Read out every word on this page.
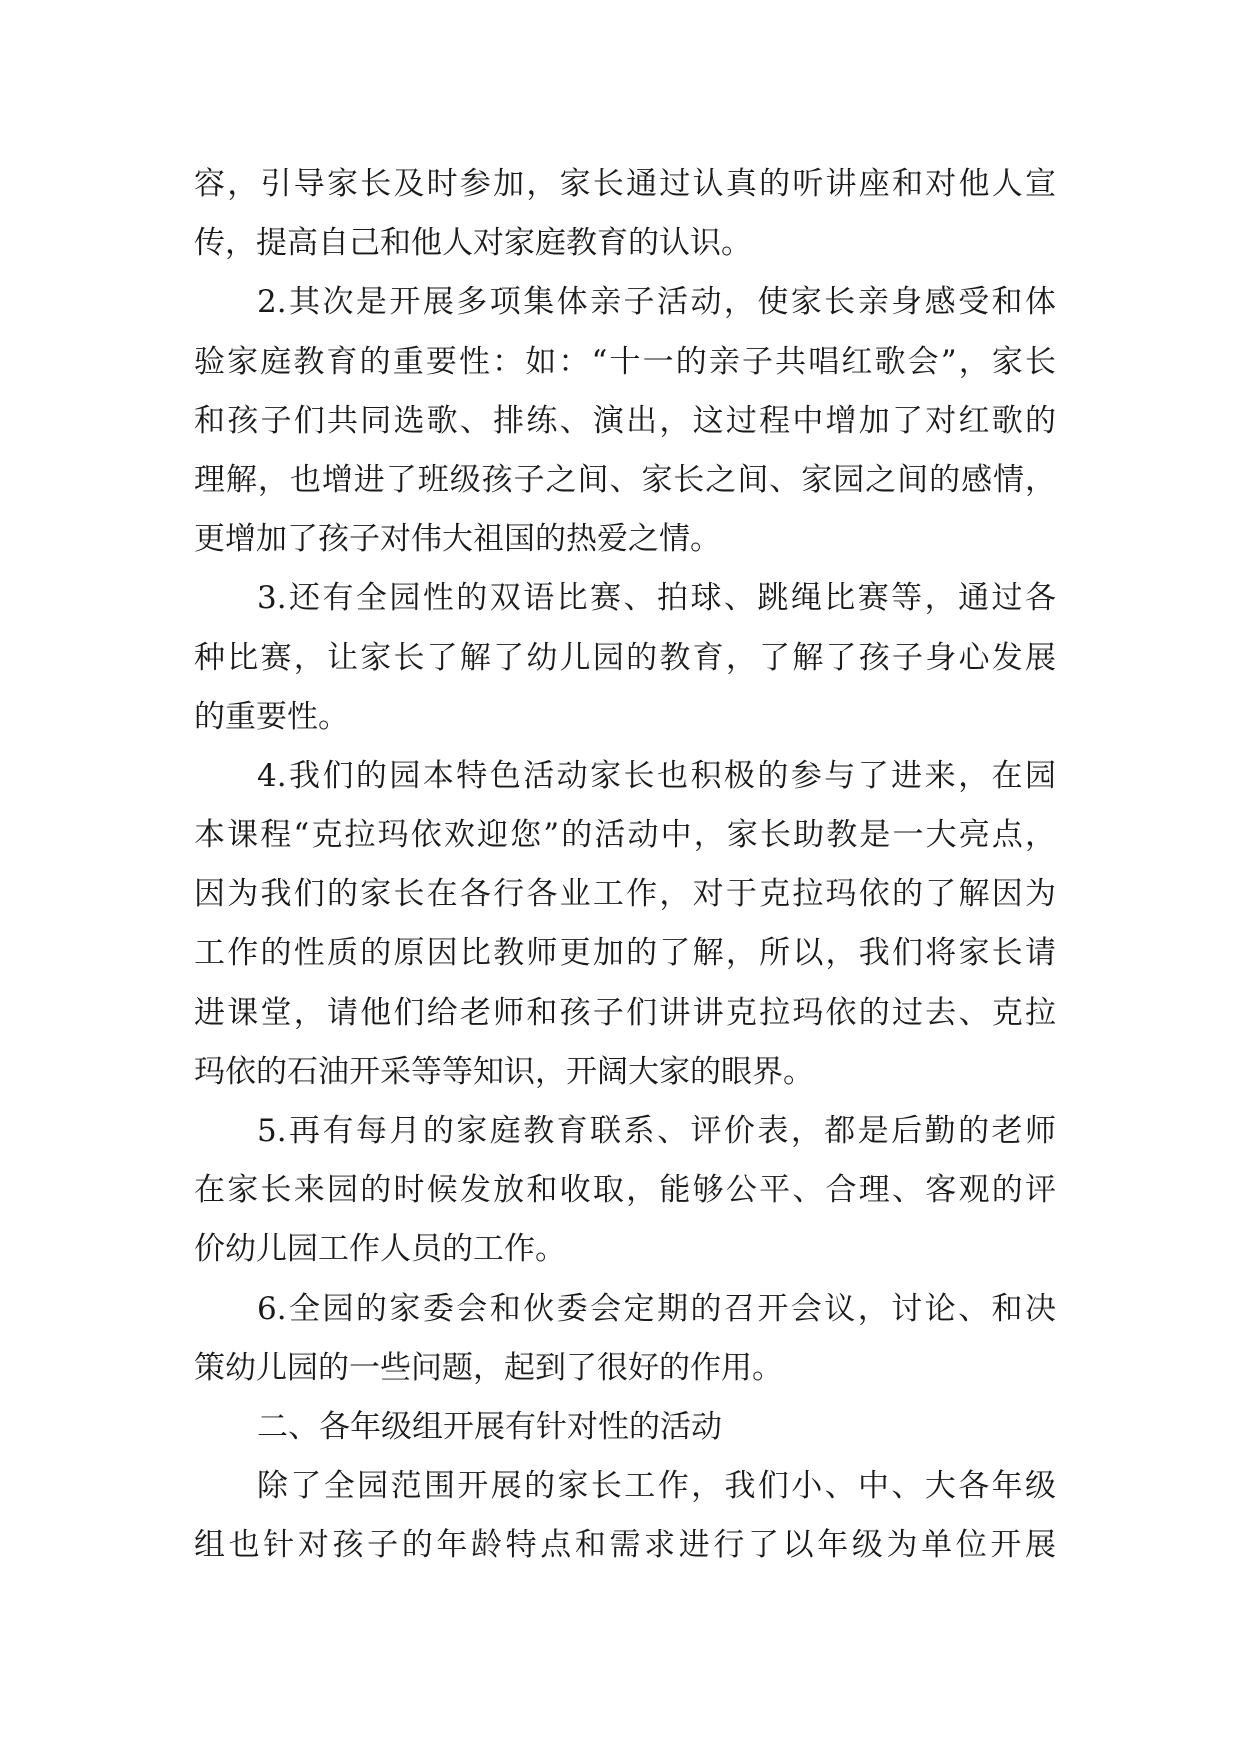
容，引导家长及时参加，家长通过认真的听讲座和对他人宣
传，提高自己和他人对家庭教育的认识。
2.其次是开展多项集体亲子活动，使家长亲身感受和体
验家庭教育的重要性：如：“十一的亲子共唱红歌会”，家长
和孩子们共同选歌、排练、演出，这过程中增加了对红歌的
理解，也增进了班级孩子之间、家长之间、家园之间的感情，
更增加了孩子对伟大祖国的热爱之情。
3.还有全园性的双语比赛、拍球、跳绳比赛等，通过各
种比赛，让家长了解了幼儿园的教育，了解了孩子身心发展
的重要性。
4.我们的园本特色活动家长也积极的参与了进来，在园
本课程“克拉玛依欢迎您”的活动中，家长助教是一大亮点，
因为我们的家长在各行各业工作，对于克拉玛依的了解因为
工作的性质的原因比教师更加的了解，所以，我们将家长请
进课堂，请他们给老师和孩子们讲讲克拉玛依的过去、克拉
玛依的石油开采等等知识，开阔大家的眼界。
5.再有每月的家庭教育联系、评价表，都是后勤的老师
在家长来园的时候发放和收取，能够公平、合理、客观的评
价幼儿园工作人员的工作。
6.全园的家委会和伙委会定期的召开会议，讨论、和决
策幼儿园的一些问题，起到了很好的作用。
二、各年级组开展有针对性的活动
除了全园范围开展的家长工作，我们小、中、大各年级
组也针对孩子的年龄特点和需求进行了以年级为单位开展
